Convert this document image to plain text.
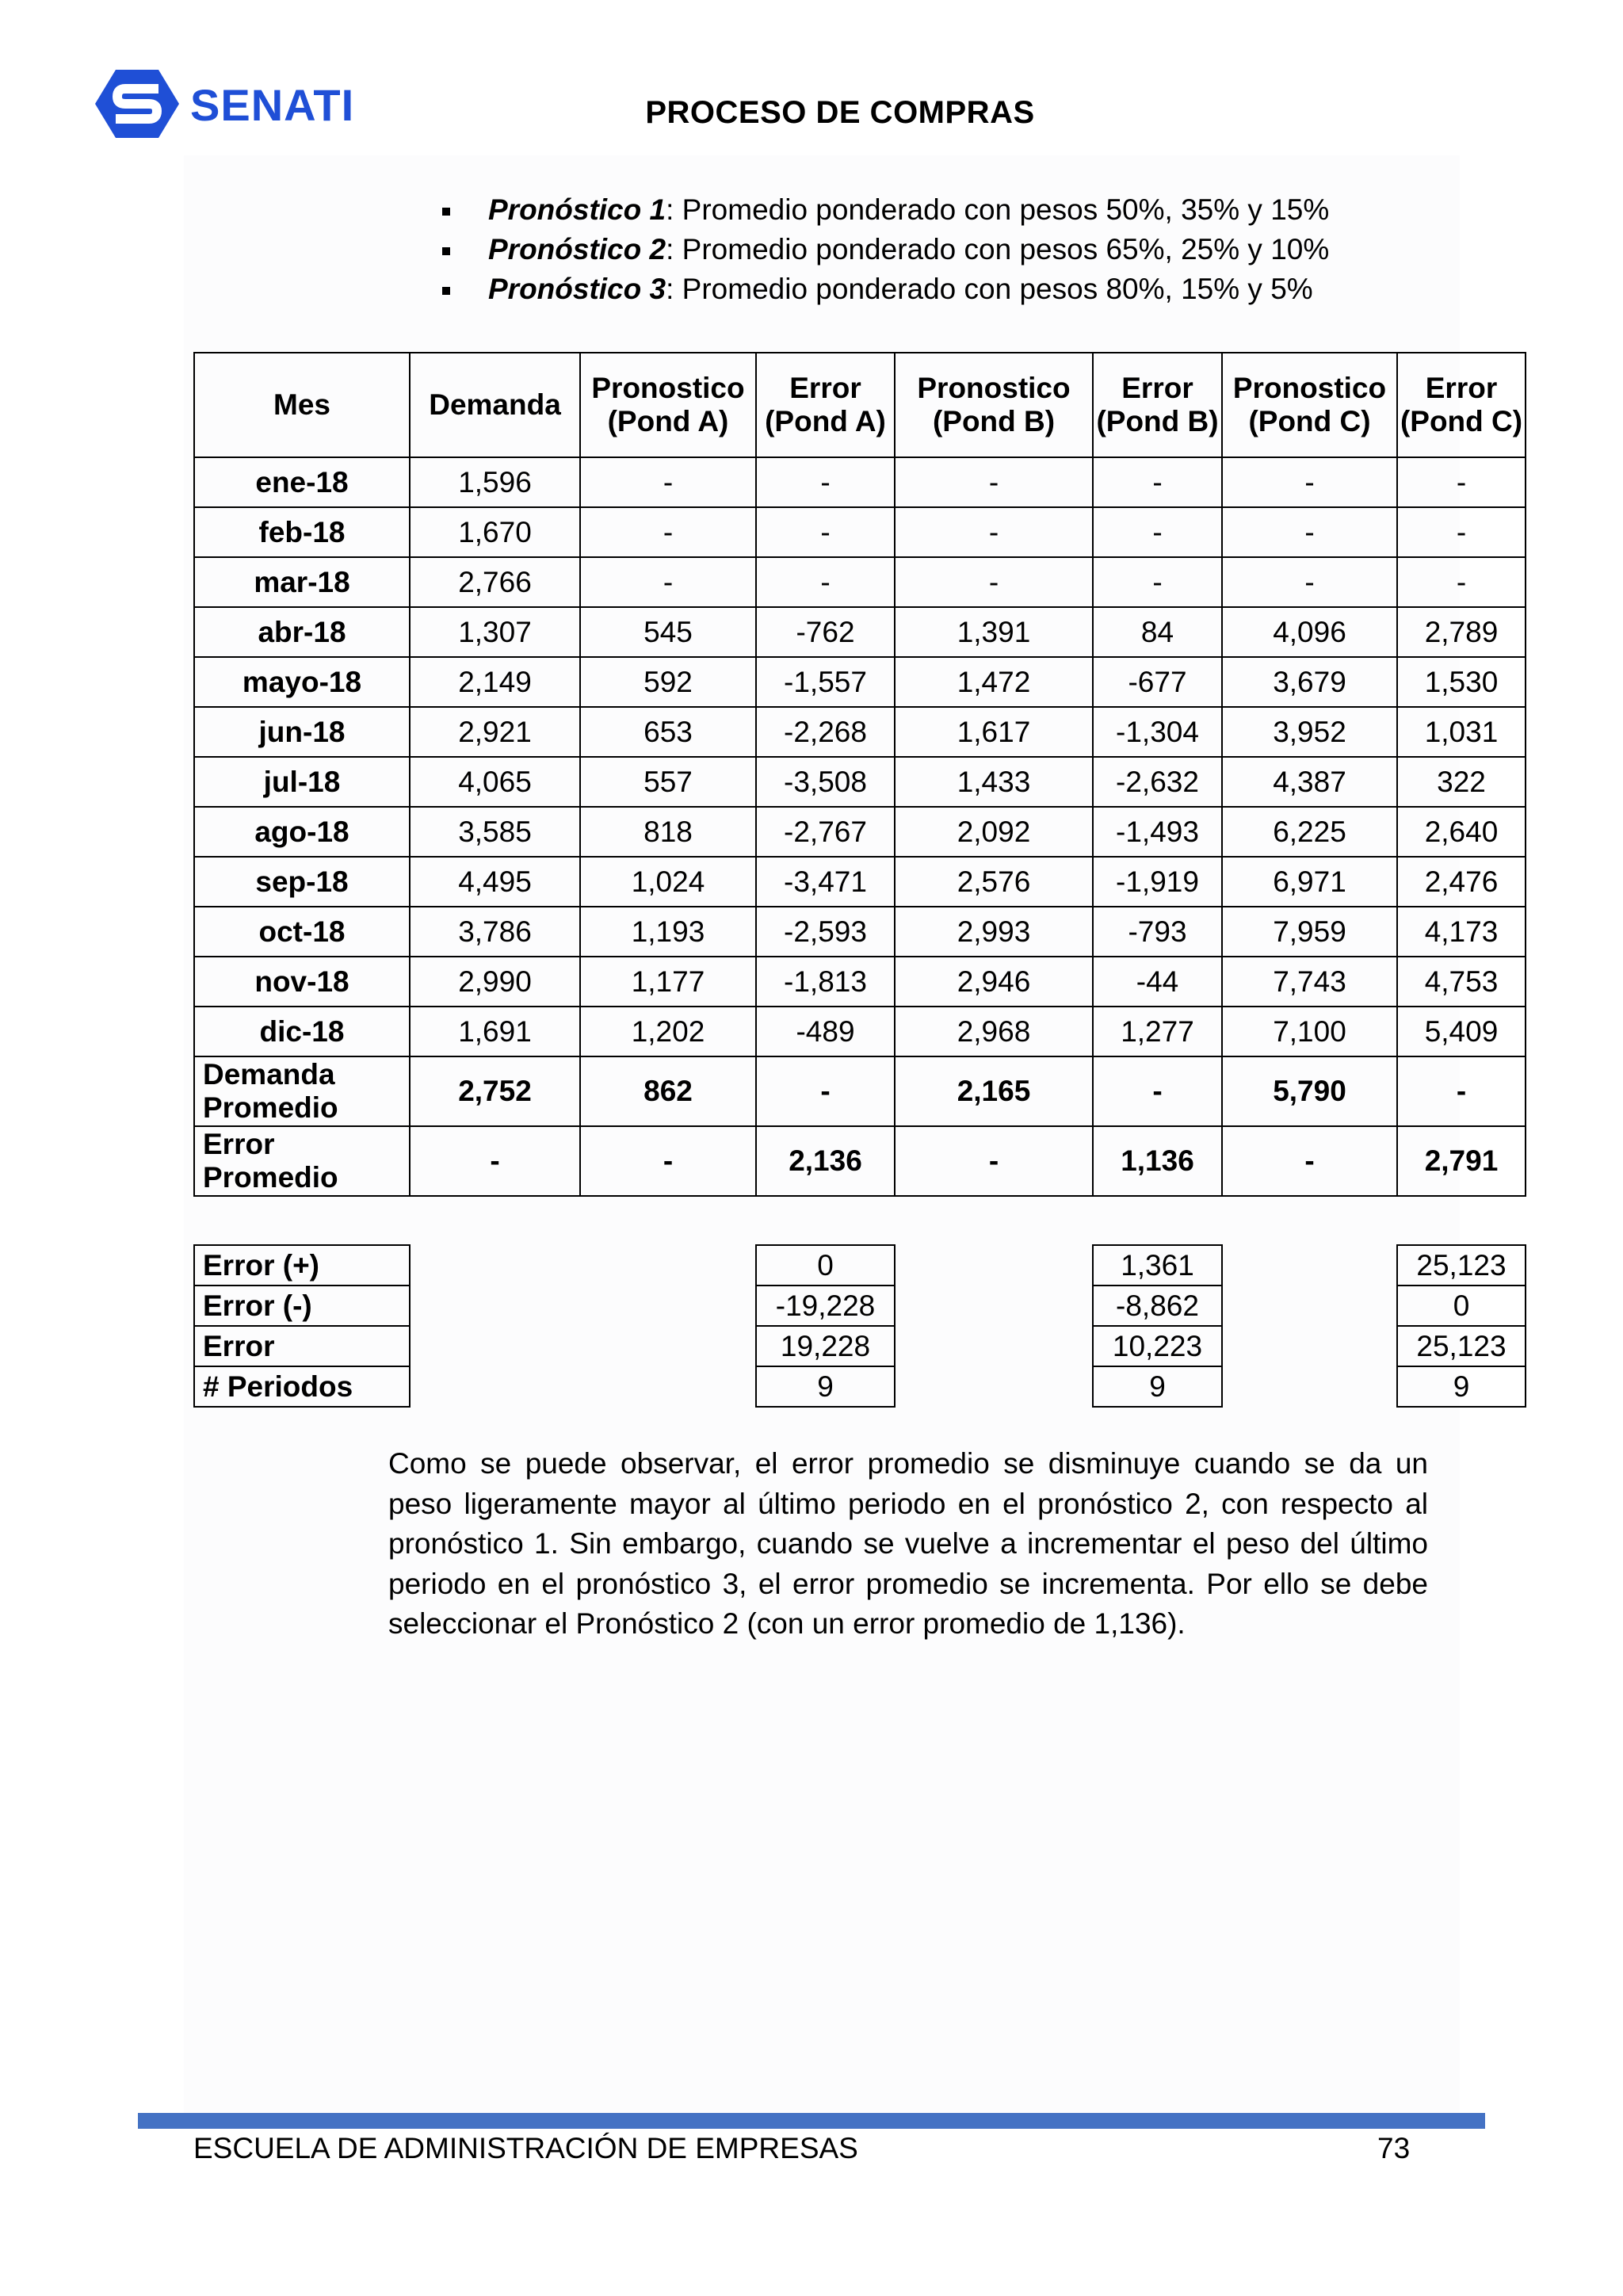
SENATI	PROCESO DE COMPRAS
Pronóstico 1: Promedio ponderado con pesos 50%, 35% y 15%
Pronóstico 2: Promedio ponderado con pesos 65%, 25% y 10%
Pronóstico 3: Promedio ponderado con pesos 80%, 15% y 5%
Mes	Demanda	Pronostico (Pond A)	Error (Pond A)	Pronostico (Pond B)	Error (Pond B)	Pronostico (Pond C)	Error (Pond C)
ene-18	1,596	-	-	-	-	-	-
feb-18	1,670	-	-	-	-	-	-
mar-18	2,766	-	-	-	-	-	-
abr-18	1,307	545	-762	1,391	84	4,096	2,789
mayo-18	2,149	592	-1,557	1,472	-677	3,679	1,530
jun-18	2,921	653	-2,268	1,617	-1,304	3,952	1,031
jul-18	4,065	557	-3,508	1,433	-2,632	4,387	322
ago-18	3,585	818	-2,767	2,092	-1,493	6,225	2,640
sep-18	4,495	1,024	-3,471	2,576	-1,919	6,971	2,476
oct-18	3,786	1,193	-2,593	2,993	-793	7,959	4,173
nov-18	2,990	1,177	-1,813	2,946	-44	7,743	4,753
dic-18	1,691	1,202	-489	2,968	1,277	7,100	5,409
Demanda Promedio	2,752	862	-	2,165	-	5,790	-
Error Promedio	-	-	2,136	-	1,136	-	2,791
Error (+)			0		1,361		25,123
Error (-)			-19,228		-8,862		0
Error			19,228		10,223		25,123
# Periodos			9		9		9

Como se puede observar, el error promedio se disminuye cuando se da un peso ligeramente mayor al último periodo en el pronóstico 2, con respecto al pronóstico 1. Sin embargo, cuando se vuelve a incrementar el peso del último periodo en el pronóstico 3, el error promedio se incrementa. Por ello se debe seleccionar el Pronóstico 2 (con un error promedio de 1,136).

ESCUELA DE ADMINISTRACIÓN DE EMPRESAS	73
